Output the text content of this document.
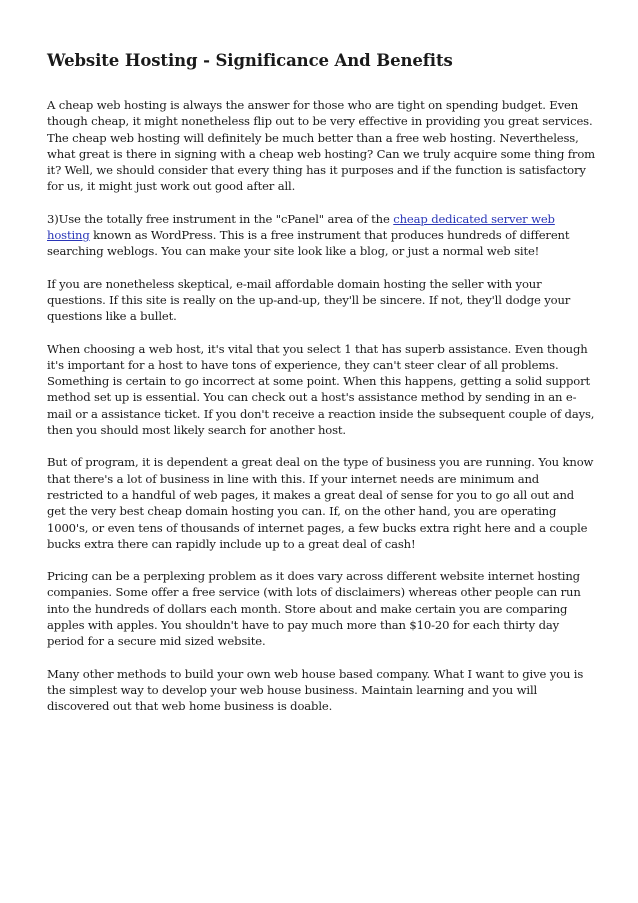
Website Hosting - Significance And Benefits

A cheap web hosting is always the answer for those who are tight on spending budget. Even though cheap, it might nonetheless flip out to be very effective in providing you great services. The cheap web hosting will definitely be much better than a free web hosting. Nevertheless, what great is there in signing with a cheap web hosting? Can we truly acquire some thing from it? Well, we should consider that every thing has it purposes and if the function is satisfactory for us, it might just work out good after all.

3)Use the totally free instrument in the "cPanel" area of the cheap dedicated server web hosting known as WordPress. This is a free instrument that produces hundreds of different searching weblogs. You can make your site look like a blog, or just a normal web site!

If you are nonetheless skeptical, e-mail affordable domain hosting the seller with your questions. If this site is really on the up-and-up, they'll be sincere. If not, they'll dodge your questions like a bullet.

When choosing a web host, it's vital that you select 1 that has superb assistance. Even though it's important for a host to have tons of experience, they can't steer clear of all problems. Something is certain to go incorrect at some point. When this happens, getting a solid support method set up is essential. You can check out a host's assistance method by sending in an e-mail or a assistance ticket. If you don't receive a reaction inside the subsequent couple of days, then you should most likely search for another host.

But of program, it is dependent a great deal on the type of business you are running. You know that there's a lot of business in line with this. If your internet needs are minimum and restricted to a handful of web pages, it makes a great deal of sense for you to go all out and get the very best cheap domain hosting you can. If, on the other hand, you are operating 1000's, or even tens of thousands of internet pages, a few bucks extra right here and a couple bucks extra there can rapidly include up to a great deal of cash!

Pricing can be a perplexing problem as it does vary across different website internet hosting companies. Some offer a free service (with lots of disclaimers) whereas other people can run into the hundreds of dollars each month. Store about and make certain you are comparing apples with apples. You shouldn't have to pay much more than $10-20 for each thirty day period for a secure mid sized website.

Many other methods to build your own web house based company. What I want to give you is the simplest way to develop your web house business. Maintain learning and you will discovered out that web home business is doable.
